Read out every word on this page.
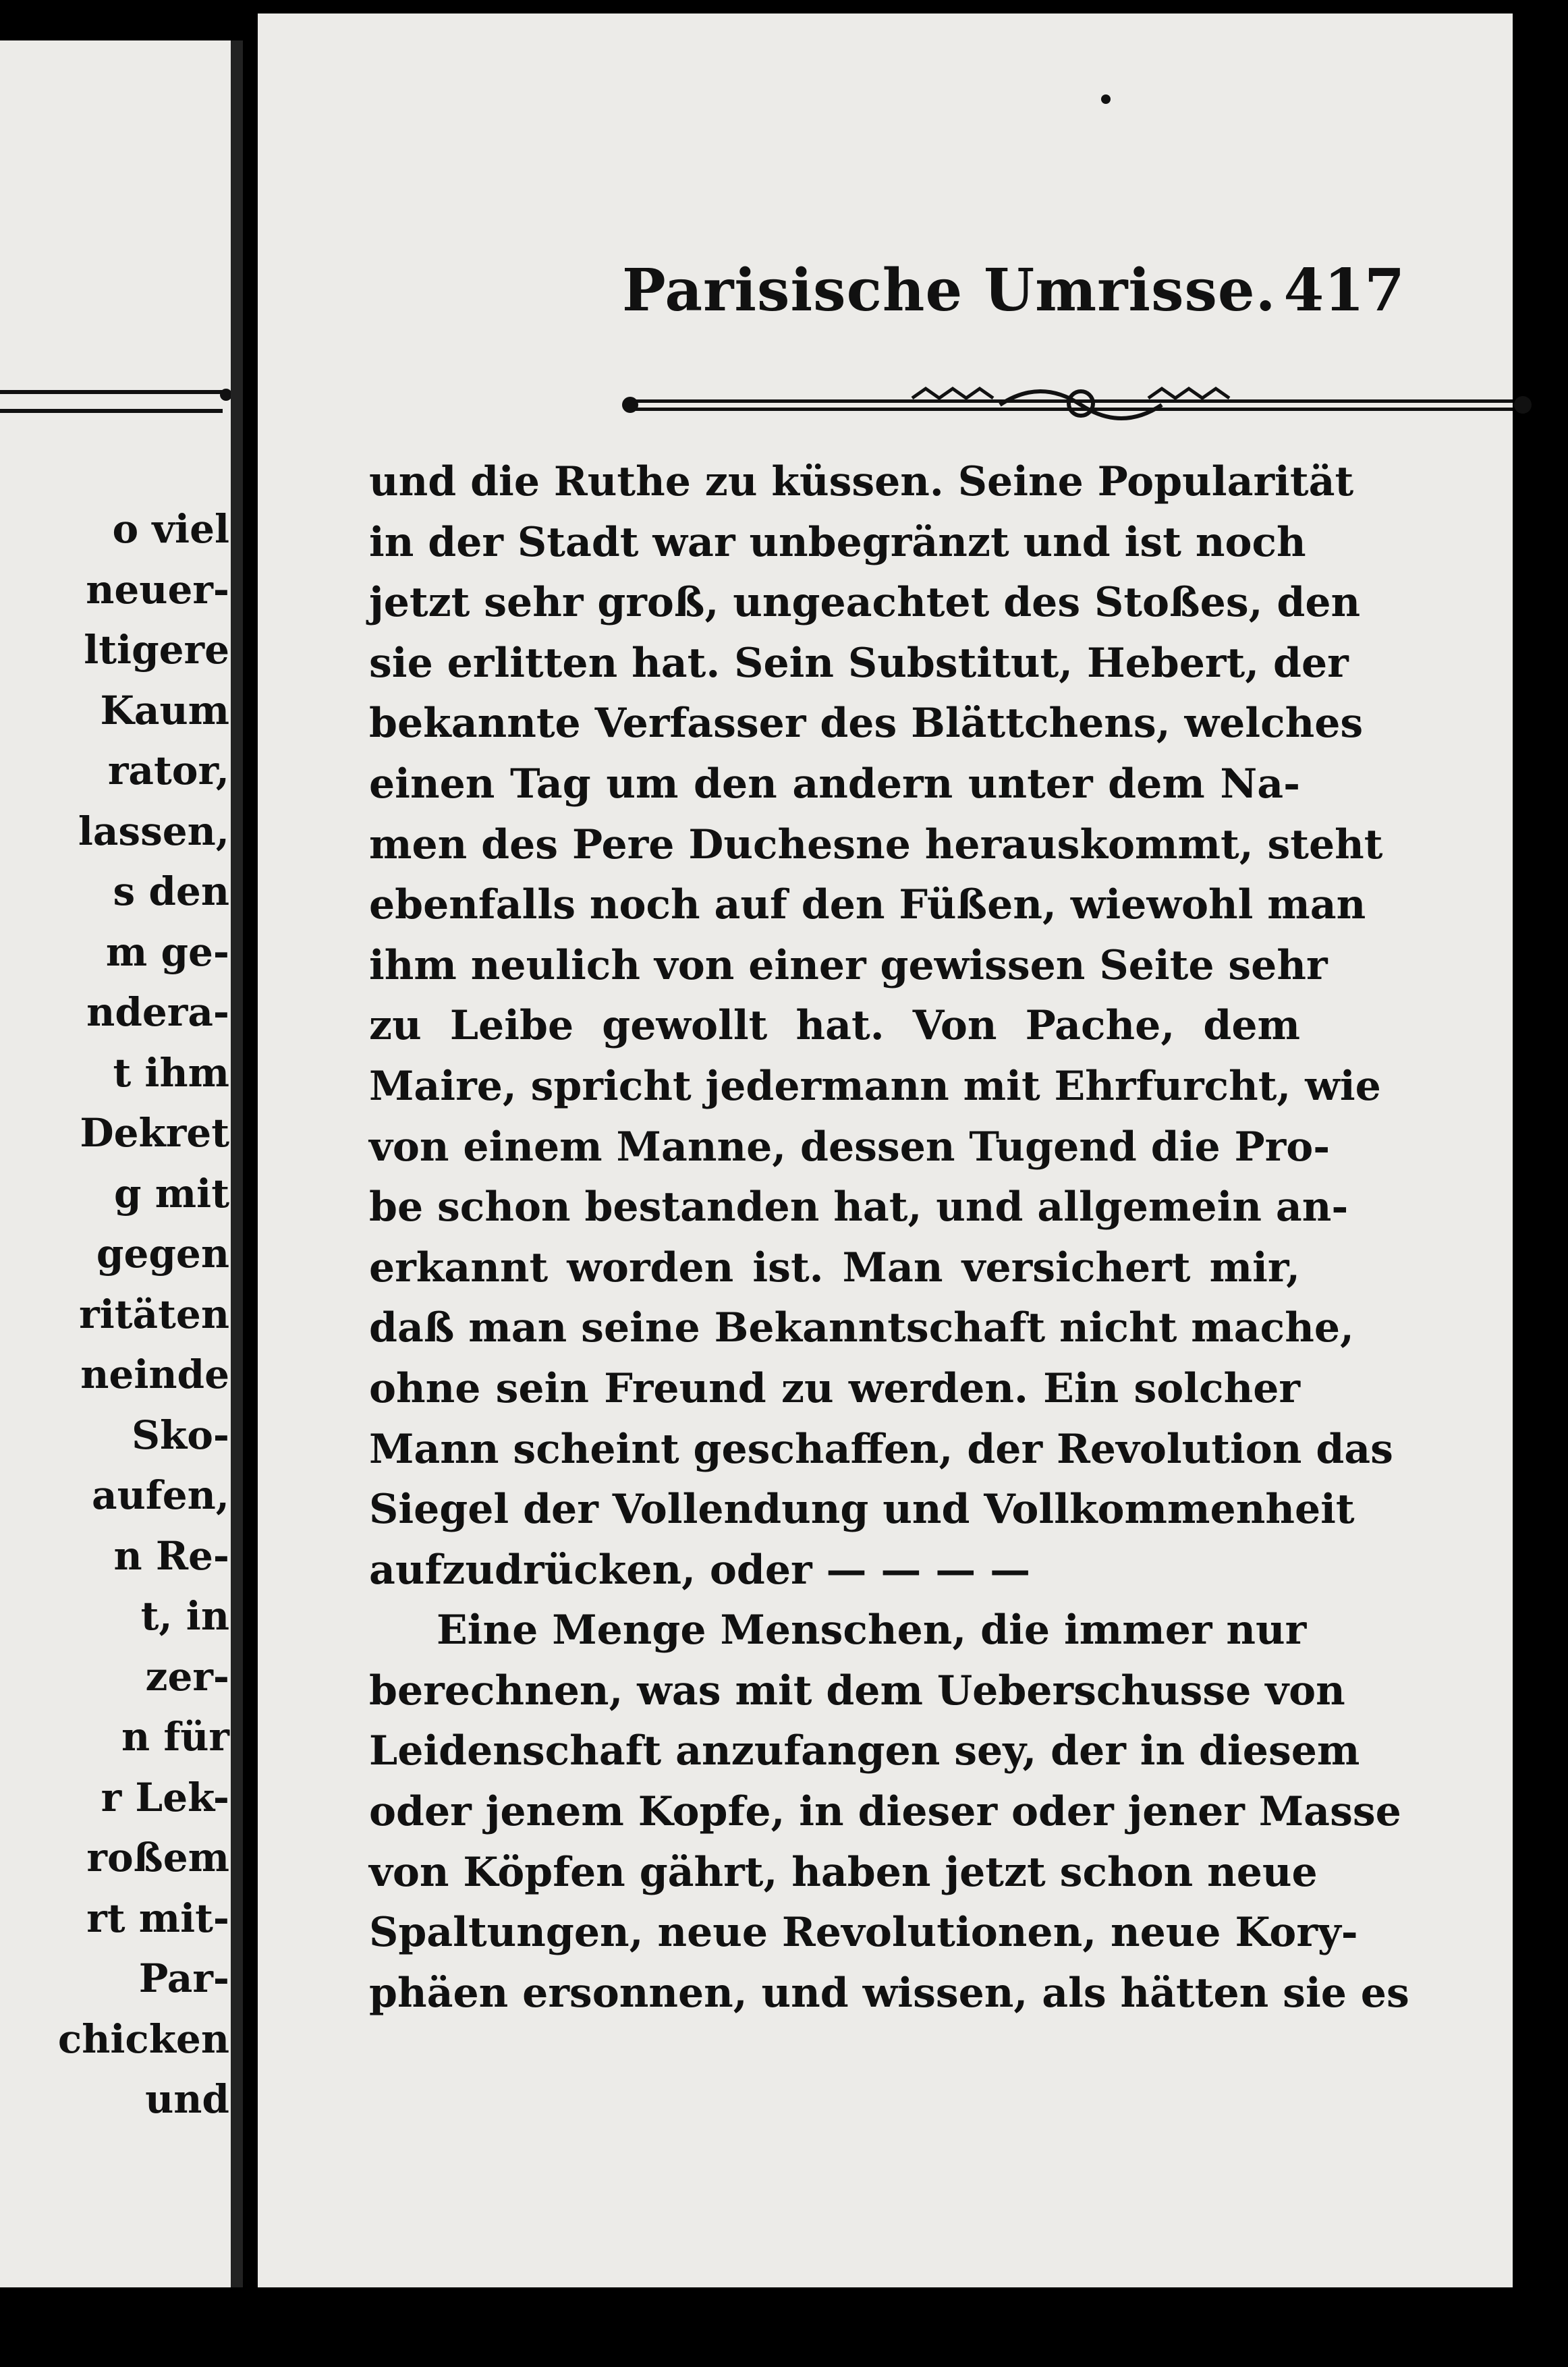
o viel
neuer-
ltigere
Kaum
rator,
lassen,
s den
m ge-
ndera-
t ihm
Dekret
g mit
gegen
ritäten
neinde
Sko-
aufen,
n Re-
t, in
zer-
n für
r Lek-
roßem
rt mit-
Par-
chicken
und
Parisische Umrisse. 417
und die Ruthe zu küssen. Seine Popularität
in der Stadt war unbegränzt und ist noch
jetzt sehr groß, ungeachtet des Stoßes, den
sie erlitten hat. Sein Substitut, Hebert, der
bekannte Verfasser des Blättchens, welches
einen Tag um den andern unter dem Na-
men des Pere Duchesne herauskommt, steht
ebenfalls noch auf den Füßen, wiewohl man
ihm neulich von einer gewissen Seite sehr
zu Leibe gewollt hat. Von Pache, dem
Maire, spricht jedermann mit Ehrfurcht, wie
von einem Manne, dessen Tugend die Pro-
be schon bestanden hat, und allgemein an-
erkannt worden ist. Man versichert mir,
daß man seine Bekanntschaft nicht mache,
ohne sein Freund zu werden. Ein solcher
Mann scheint geschaffen, der Revolution das
Siegel der Vollendung und Vollkommenheit
aufzudrücken, oder — — — —
Eine Menge Menschen, die immer nur
berechnen, was mit dem Ueberschusse von
Leidenschaft anzufangen sey, der in diesem
oder jenem Kopfe, in dieser oder jener Masse
von Köpfen gährt, haben jetzt schon neue
Spaltungen, neue Revolutionen, neue Kory-
phäen ersonnen, und wissen, als hätten sie es
